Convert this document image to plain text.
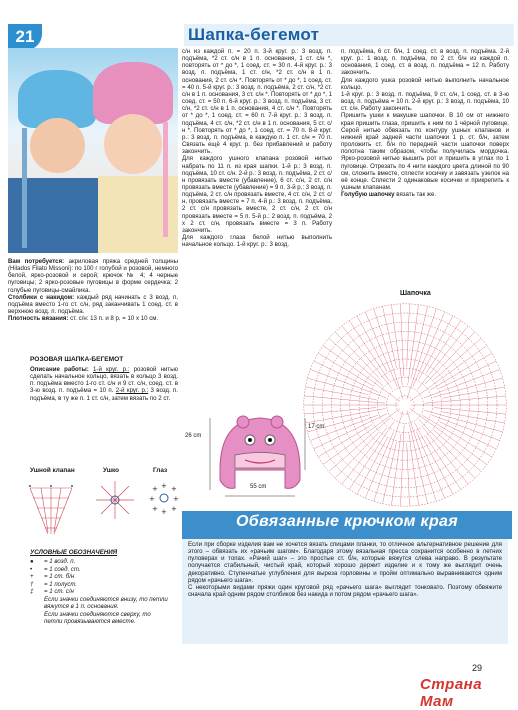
21	Шапка-бегемот

Вам потребуется: акриловая пряжа средней толщины (Hilados Filato Missoni): по 100 г голубой и розовой, немного белой, ярко-розовой и серой; крючок № 4; 4 черные пуговицы; 2 ярко-розовые пуговицы в форме сердечка; 2 голубые пуговицы-смайлика.

Столбики с накидом: каждый ряд начинать с 3 возд. п. подъёма вместо 1-го ст. с/н, ряд заканчивать 1 соед. ст. в верхнюю возд. п. подъёма.

Плотность вязания: ст. с/н: 13 п. и 8 р. = 10 х 10 см.

РОЗОВАЯ ШАПКА-БЕГЕМОТ

Описание работы: 1-й круг. р.: розовой нитью сделать начальное кольцо, вязать в кольцо 3 возд. п. подъёма вместо 1-го ст. с/н и 9 ст. с/н, соед. ст. в 3-ю возд. п. подъёма = 10 п. 2-й круг. р.: 3 возд. п. подъёма, в ту же п. 1 ст. с/н, затем вязать по 2 ст.

с/н из каждой п. = 20 п. 3-й круг. р.: 3 возд. п. подъёма, *2 ст. с/н в 1 п. основания, 1 ст. с/н *, повторять от * до *, 1 соед. ст. = 30 п. 4-й круг. р.: 3 возд. п. подъёма, 1 ст. с/н, *2 ст. с/н в 1 п. основания, 2 ст. с/н *. Повторять от * до *, 1 соед. ст. = 40 п. 5-й круг. р.: 3 возд. п. подъёма, 2 ст. с/н, *2 ст. с/н в 1 п. основания, 3 ст. с/н *. Повторять от * до *, 1 соед. ст. = 50 п. 6-й круг. р.: 3 возд. п. подъёма, 3 ст. с/н, *2 ст. с/н в 1 п. основания, 4 ст. с/н *. Повторять от * до *, 1 соед. ст. = 60 п. 7-й круг. р.: 3 возд. п. подъёма, 4 ст. с/н, *2 ст. с/н в 1 п. основания, 5 ст. с/н *. Повторять от * до *, 1 соед. ст. = 70 п. 8-й круг. р.: 3 возд. п. подъёма, в каждую п. 1 ст. с/н = 70 п. Связать ещё 4 круг. р. без прибавлений и работу закончить.

Для каждого ушного клапана розовой нитью набрать по 11 п. из края шапки. 1-й р.: 3 возд. п. подъёма, 10 ст. с/н. 2-й р.: 3 возд. п. подъёма, 2 ст. с/н провязать вместе (убавление), 6 ст. с/н, 2 ст. с/н провязать вместе (убавление) = 9 п. 3-й р.: 3 возд. п. подъёма, 2 ст. с/н провязать вместе, 4 ст. с/н, 2 ст. с/н, провязать вместе = 7 п. 4-й р.: 3 возд. п. подъёма, 2 ст. с/н провязать вместе, 2 ст. с/н, 2 ст. с/н провязать вместе = 5 п. 5-й р.: 2 возд. п. подъёма, 2 х 2 ст. с/н, провязать вместе = 3 п. Работу закончить.

Для каждого глаза белой нитью выполнить начальное кольцо. 1-й круг. р.: 3 возд.

п. подъёма, 6 ст. б/н, 1 соед. ст. в возд. п. подъёма. 2-й круг. р.: 1 возд. п. подъёма, по 2 ст. б/н из каждой п. основания, 1 соед. ст. в возд. п. подъёма = 12 п. Работу закончить.

Для каждого ушка розовой нитью выполнить начальное кольцо.

1-й круг. р.: 3 возд. п. подъёма, 9 ст. с/н, 1 соед. ст. в 3-ю возд. п. подъёма = 10 п. 2-й круг. р.: 3 возд. п. подъёма, 10 ст. с/н. Работу закончить.

Пришить ушки к макушке шапочки. В 10 см от нижнего края пришить глаза, пришить к ним по 1 чёрной пуговице. Серой нитью обвязать по контуру ушных клапанов и нижний край задней части шапочки 1 р. ст. б/н, затем проложить ст. б/н по передней части шапочки поверх полотна таким образом, чтобы получилась мордочка. Ярко-розовой нитью вышить рот и пришить в углах по 1 пуговице. Отрезать по 4 нити каждого цвета длиной по 90 см, сложить вместе, сплести косичку и завязать узелок на её конце. Сплести 2 одинаковые косички и прикрепить к ушным клапанам.

Голубую шапочку вязать так же.

Шапочка
26 cm
17 cm
55 cm
Ушной клапан	Ушко	Глаз
+
+
+	+
+ +
+ +
УСЛОВНЫЕ ОБОЗНАЧЕНИЯ
● = 1 возд. п.
• = 1 соед. ст.
+ = 1 ст. б/н
† = 1 полуст.
‡ = 1 ст. с/н
Если значки соединяются внизу, то петли вяжутся в 1 п. основания.
Если значки соединяются сверху, то петли провязываются вместе.
Обвязанные крючком края

Если при сборке изделия вам не хочется вязать спицами планки, то отличное альтернативное решение для этого – обвязать их «рачьим шагом». Благодаря этому вязальная пресса сохранится особенно в летних пуловерах и топах. «Рачий шаг» – это простые ст. б/н, которые вяжутся слева направо. В результате получается стабильный, чистый край, который хорошо держит изделие и к тому же выглядит очень декоративно. Ступенчатые углубления для выреза горловины и пройм оптимально выравниваются одним рядом «рачьего шага».

С некоторыми видами пряжи один круговой ряд «рачьего шага» выглядит тонковато. Поэтому обвяжите сначала край одним рядом столбиков без накида и потом рядом «рачьего шага».

29
Страна Мам
